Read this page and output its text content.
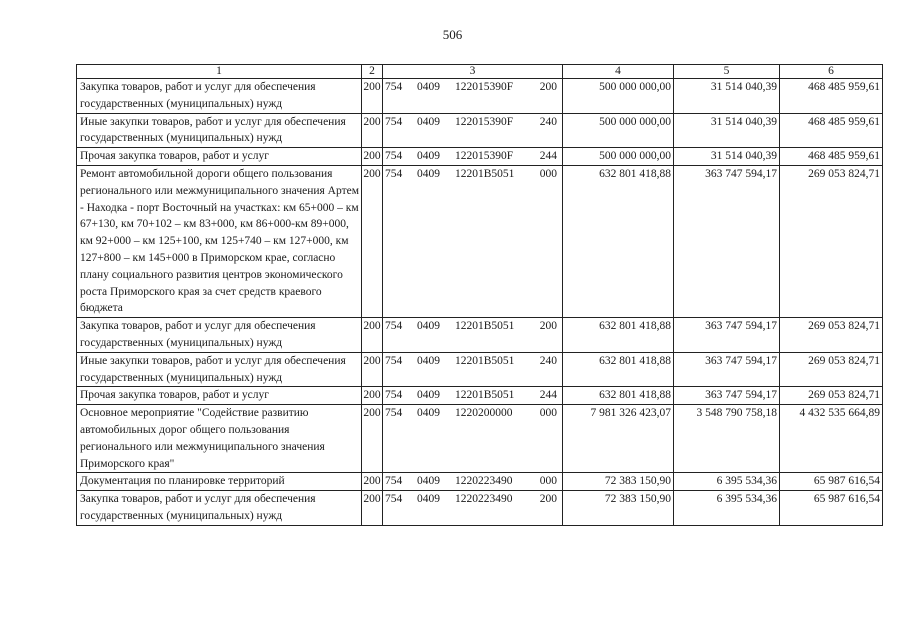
506
1	2	3	4	5	6
Закупка товаров, работ и услуг для обеспечения государственных (муниципальных) нужд	200	754 0409 122015390F 200	500 000 000,00	31 514 040,39	468 485 959,61
Иные закупки товаров, работ и услуг для обеспечения государственных (муниципальных) нужд	200	754 0409 122015390F 240	500 000 000,00	31 514 040,39	468 485 959,61
Прочая закупка товаров, работ и услуг	200	754 0409 122015390F 244	500 000 000,00	31 514 040,39	468 485 959,61
Ремонт автомобильной дороги общего пользования регионального или межмуниципального значения Артем - Находка - порт Восточный на участках: км 65+000 – км 67+130, км 70+102 – км 83+000, км 86+000-км 89+000, км 92+000 – км 125+100, км 125+740 – км 127+000, км 127+800 – км 145+000 в Приморском крае, согласно плану социального развития центров экономического роста Приморского края за счет средств краевого бюджета	200	754 0409 12201B5051 000	632 801 418,88	363 747 594,17	269 053 824,71
Закупка товаров, работ и услуг для обеспечения государственных (муниципальных) нужд	200	754 0409 12201B5051 200	632 801 418,88	363 747 594,17	269 053 824,71
Иные закупки товаров, работ и услуг для обеспечения государственных (муниципальных) нужд	200	754 0409 12201B5051 240	632 801 418,88	363 747 594,17	269 053 824,71
Прочая закупка товаров, работ и услуг	200	754 0409 12201B5051 244	632 801 418,88	363 747 594,17	269 053 824,71
Основное мероприятие "Содействие развитию автомобильных дорог общего пользования регионального или межмуниципального значения Приморского края"	200	754 0409 1220200000 000	7 981 326 423,07	3 548 790 758,18	4 432 535 664,89
Документация по планировке территорий	200	754 0409 1220223490 000	72 383 150,90	6 395 534,36	65 987 616,54
Закупка товаров, работ и услуг для обеспечения государственных (муниципальных) нужд	200	754 0409 1220223490 200	72 383 150,90	6 395 534,36	65 987 616,54
